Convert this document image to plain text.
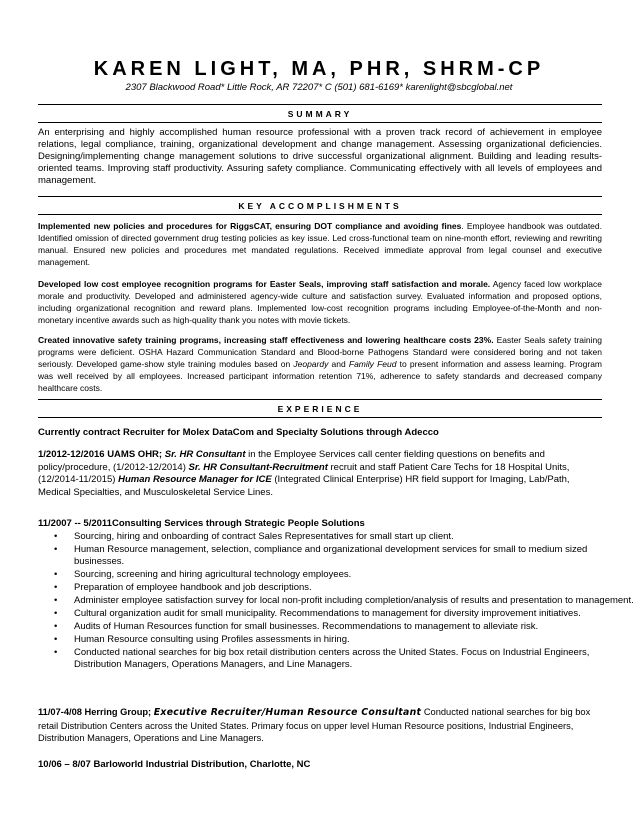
KAREN LIGHT, MA, PHR, SHRM-CP
2307 Blackwood Road* Little Rock, AR 72207* C (501) 681-6169* karenlight@sbcglobal.net
SUMMARY
An enterprising and highly accomplished human resource professional with a proven track record of achievement in employee relations, legal compliance, training, organizational development and change management. Assessing organizational deficiencies. Designing/implementing change management solutions to drive successful organizational alignment. Building and leading results-oriented teams. Improving staff productivity. Assuring safety compliance. Communicating effectively with all levels of employees and management.
KEY ACCOMPLISHMENTS
Implemented new policies and procedures for RiggsCAT, ensuring DOT compliance and avoiding fines. Employee handbook was outdated. Identified omission of directed government drug testing policies as key issue. Led cross-functional team on nine-month effort, reviewing and rewriting manual. Ensured new policies and procedures met mandated regulations. Received immediate approval from legal counsel and executive management.
Developed low cost employee recognition programs for Easter Seals, improving staff satisfaction and morale. Agency faced low workplace morale and productivity. Developed and administered agency-wide culture and satisfaction survey. Evaluated information and proposed options, including organizational recognition and reward plans. Implemented low-cost recognition programs including Employee-of-the-Month and non-monetary incentive awards such as high-quality thank you notes with movie tickets.
Created innovative safety training programs, increasing staff effectiveness and lowering healthcare costs 23%. Easter Seals safety training programs were deficient. OSHA Hazard Communication Standard and Blood-borne Pathogens Standard were considered boring and not taken seriously. Developed game-show style training modules based on Jeopardy and Family Feud to present information and assess learning. Program was well received by all employees. Increased participant information retention 71%, adherence to safety standards and decreased company healthcare costs.
EXPERIENCE
Currently contract Recruiter for Molex DataCom and Specialty Solutions through Adecco
1/2012-12/2016 UAMS OHR; Sr. HR Consultant in the Employee Services call center fielding questions on benefits and policy/procedure, (1/2012-12/2014) Sr. HR Consultant-Recruitment recruit and staff Patient Care Techs for 18 Hospital Units, (12/2014-11/2015) Human Resource Manager for ICE (Integrated Clinical Enterprise) HR field support for Imaging, Lab/Path, Medical Specialties, and Musculoskeletal Service Lines.
11/2007 -- 5/2011Consulting Services through Strategic People Solutions
• Sourcing, hiring and onboarding of contract Sales Representatives for small start up client.
• Human Resource management, selection, compliance and organizational development services for small to medium sized businesses.
• Sourcing, screening and hiring agricultural technology employees.
• Preparation of employee handbook and job descriptions.
• Administer employee satisfaction survey for local non-profit including completion/analysis of results and presentation to management.
• Cultural organization audit for small municipality. Recommendations to management for diversity improvement initiatives.
• Audits of Human Resources function for small businesses. Recommendations to management to alleviate risk.
• Human Resource consulting using Profiles assessments in hiring.
• Conducted national searches for big box retail distribution centers across the United States. Focus on Industrial Engineers, Distribution Managers, Operations Managers, and Line Managers.
11/07-4/08 Herring Group; Executive Recruiter/Human Resource Consultant Conducted national searches for big box retail Distribution Centers across the United States. Primary focus on upper level Human Resource positions, Industrial Engineers, Distribution Managers, Operations and Line Managers.
10/06 – 8/07 Barloworld Industrial Distribution, Charlotte, NC
